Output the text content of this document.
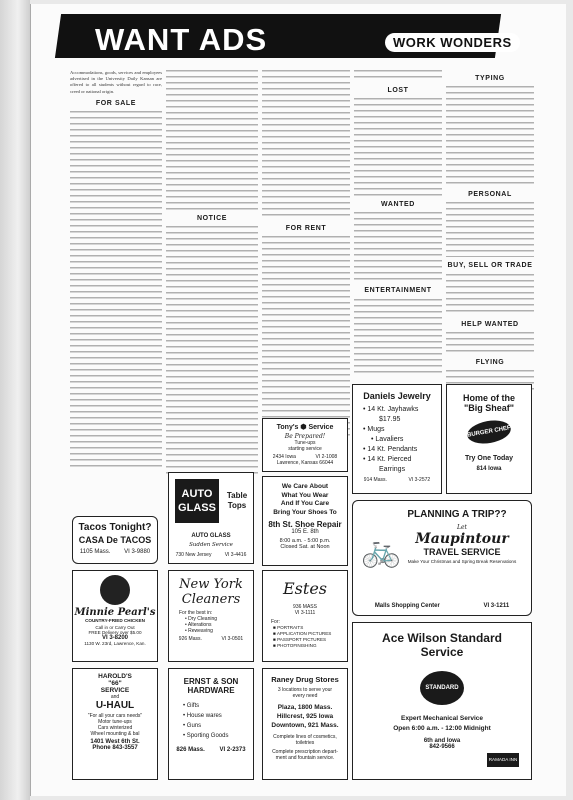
WANT ADS	WORK WONDERS
Accommodations, goods, services and employees advertised in the University Daily Kansan are offered to all students without regard to race, creed or national origin.
FOR SALE
NOTICE
FOR RENT
LOST
WANTED
ENTERTAINMENT
TYPING
PERSONAL
BUY, SELL OR TRADE
HELP WANTED
FLYING
Tacos Tonight?
CASA De TACOS
1105 Mass. VI 3-9880
AUTO GLASS
Table Tops
AUTO GLASS
Sudden Service
730 New Jersey	VI 3-4416
Minnie Pearl's
COUNTRY-FRIED CHICKEN
Call in or Carry Out
FREE Delivery over $5.00
VI 3-8200
1130 W. 23rd, Lawrence, Kan.
New York
Cleaners
For the best in:
• Dry Cleaning
• Alterations
• Reweaving
926 Mass.	VI 3-0501
HAROLD'S
"66"
SERVICE
and
U-HAUL
"For all your cars needs"
Motor tune-ups
Cars winterized
Wheel mounting & bal
1401 West 6th St.
Phone 843-3557
ERNST & SON
HARDWARE
• Gifts
• House wares
• Guns
• Sporting Goods
826 Mass. VI 2-2373
Tony's ⬢ Service
Be Prepared!
Tune-ups
starting service
2434 Iowa	VI 2-1008
Lawrence, Kansas 66044
We Care About
What You Wear
And If You Care
Bring Your Shoes To
8th St. Shoe Repair
105 E. 8th
8:00 a.m. - 5:00 p.m.
Closed Sat. at Noon
Estes
936 MASS
VI 3-1111
For:
■ PORTRAITS
■ APPLICATION PICTURES
■ PASSPORT PICTURES
■ PHOTOFINISHING
Raney Drug Stores
3 locations to serve your
every need
Plaza, 1800 Mass.
Hillcrest, 925 Iowa
Downtown, 921 Mass.
Complete lines of cosmetics,
toiletries
Complete prescription depart-
ment and fountain service.
Daniels Jewelry
• 14 Kt. Jayhawks
$17.95
• Mugs
• Lavaliers
• 14 Kt. Pendants
• 14 Kt. Pierced
Earrings
914 Mass.	VI 3-2572
Home of the
"Big Sheaf"
BURGER CHEF
Try One Today
814 Iowa
PLANNING A TRIP??
Let
Maupintour
TRAVEL SERVICE
Make Your Christmas and Spring Break Reservations
🚲
Malls Shopping Center	VI 3-1211
Ace Wilson Standard
Service
STANDARD
Expert Mechanical Service
Open 6:00 a.m. - 12:00 Midnight
6th and Iowa
842-9566
RAMADA INN
